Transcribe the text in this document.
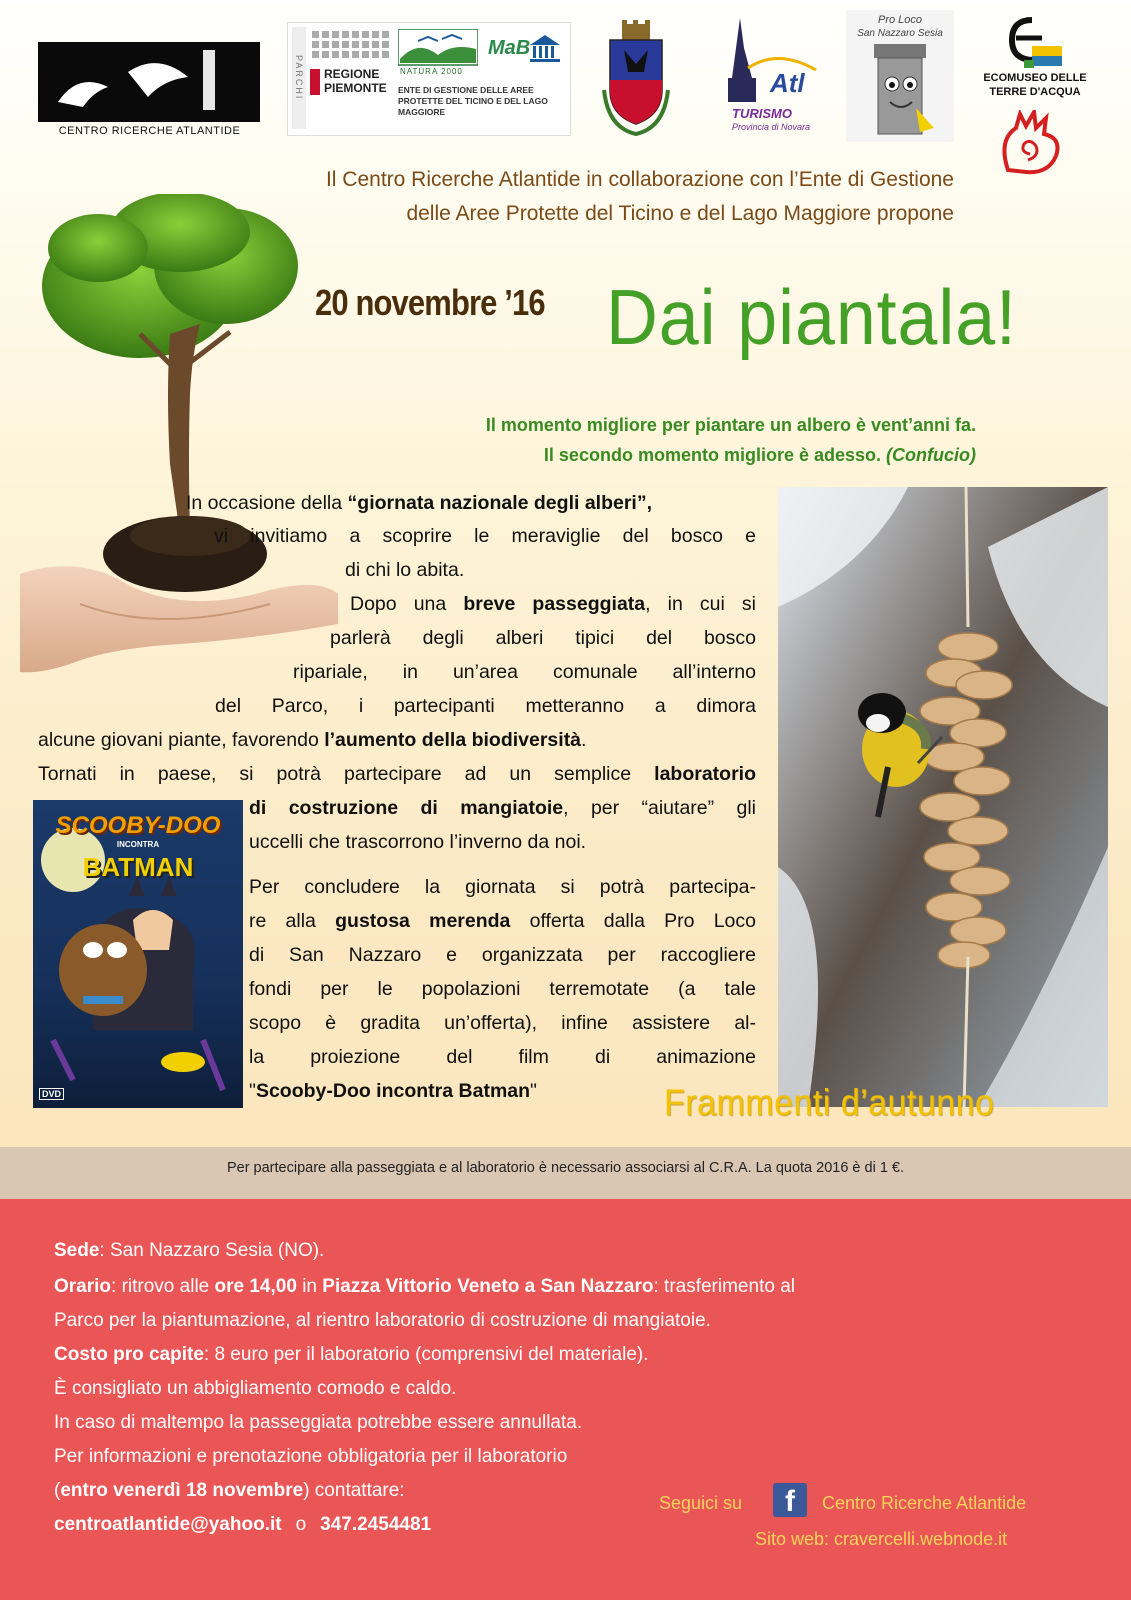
CENTRO RICERCHE ATLANTIDE
PARCHI REGIONE PIEMONTE
NATURA 2000
ENTE DI GESTIONE DELLE AREE PROTETTE DEL TICINO E DEL LAGO MAGGIORE
MaB
Atl
TURISMO
Provincia di Novara
Pro Loco
San Nazzaro Sesia
ECOMUSEO DELLE
TERRE D'ACQUA
Il Centro Ricerche Atlantide in collaborazione con l’Ente di Gestione
delle Aree Protette del Ticino e del Lago Maggiore propone
20 novembre ’16 Dai piantala!
Il momento migliore per piantare un albero è vent’anni fa.
Il secondo momento migliore è adesso. (Confucio)
In occasione della “giornata nazionale degli alberi”,
vi invitiamo a scoprire le meraviglie del bosco e
di chi lo abita.
Dopo una breve passeggiata, in cui si
parlerà degli alberi tipici del bosco
ripariale, in un’area comunale all’interno
del Parco, i partecipanti metteranno a dimora
alcune giovani piante, favorendo l’aumento della biodiversità.
Tornati in paese, si potrà partecipare ad un semplice laboratorio
di costruzione di mangiatoie, per “aiutare” gli
uccelli che trascorrono l’inverno da noi.
Per concludere la giornata si potrà partecipa-
re alla gustosa merenda offerta dalla Pro Loco
di San Nazzaro e organizzata per raccogliere
fondi per le popolazioni terremotate (a tale
scopo è gradita un’offerta), infine assistere al-
la proiezione del film di animazione
"Scooby-Doo incontra Batman"
SCOOBY-DOO
INCONTRA
BATMAN
DVD	Frammenti d’autunno
Per partecipare alla passeggiata e al laboratorio è necessario associarsi al C.R.A. La quota 2016 è di 1 €.
Sede: San Nazzaro Sesia (NO).
Orario: ritrovo alle ore 14,00 in Piazza Vittorio Veneto a San Nazzaro: trasferimento al
Parco per la piantumazione, al rientro laboratorio di costruzione di mangiatoie.
Costo pro capite: 8 euro per il laboratorio (comprensivi del materiale).
È consigliato un abbigliamento comodo e caldo.
In caso di maltempo la passeggiata potrebbe essere annullata.
Per informazioni e prenotazione obbligatoria per il laboratorio
(entro venerdì 18 novembre) contattare:
centroatlantide@yahoo.it o 347.2454481
Seguici su	f	Centro Ricerche Atlantide
Sito web: cravercelli.webnode.it
